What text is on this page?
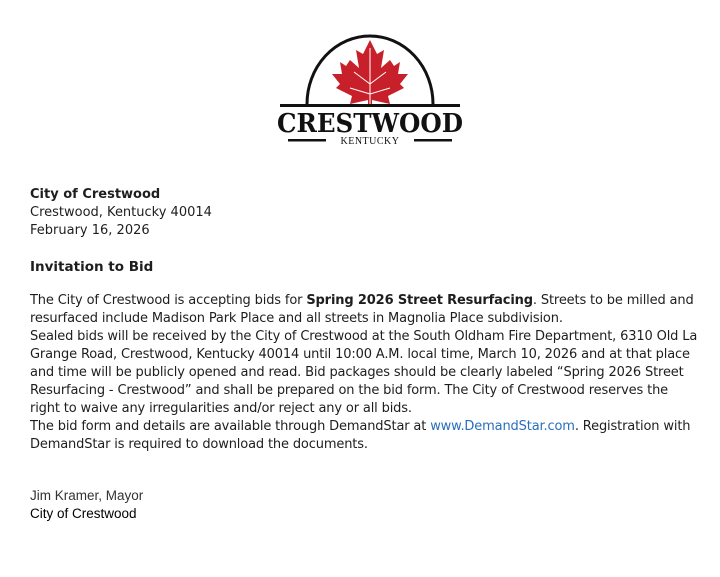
CRESTWOOD
KENTUCKY
City of Crestwood
Crestwood, Kentucky 40014
February 16, 2026
Invitation to Bid

The City of Crestwood is accepting bids for Spring 2026 Street Resurfacing. Streets to be milled and resurfaced include Madison Park Place and all streets in Magnolia Place subdivision.

Sealed bids will be received by the City of Crestwood at the South Oldham Fire Department, 6310 Old La Grange Road, Crestwood, Kentucky 40014 until 10:00 A.M. local time, March 10, 2026 and at that place and time will be publicly opened and read. Bid packages should be clearly labeled “Spring 2026 Street Resurfacing - Crestwood” and shall be prepared on the bid form. The City of Crestwood reserves the right to waive any irregularities and/or reject any or all bids.

The bid form and details are available through DemandStar at www.DemandStar.com. Registration with DemandStar is required to download the documents.

Jim Kramer, Mayor
City of Crestwood
